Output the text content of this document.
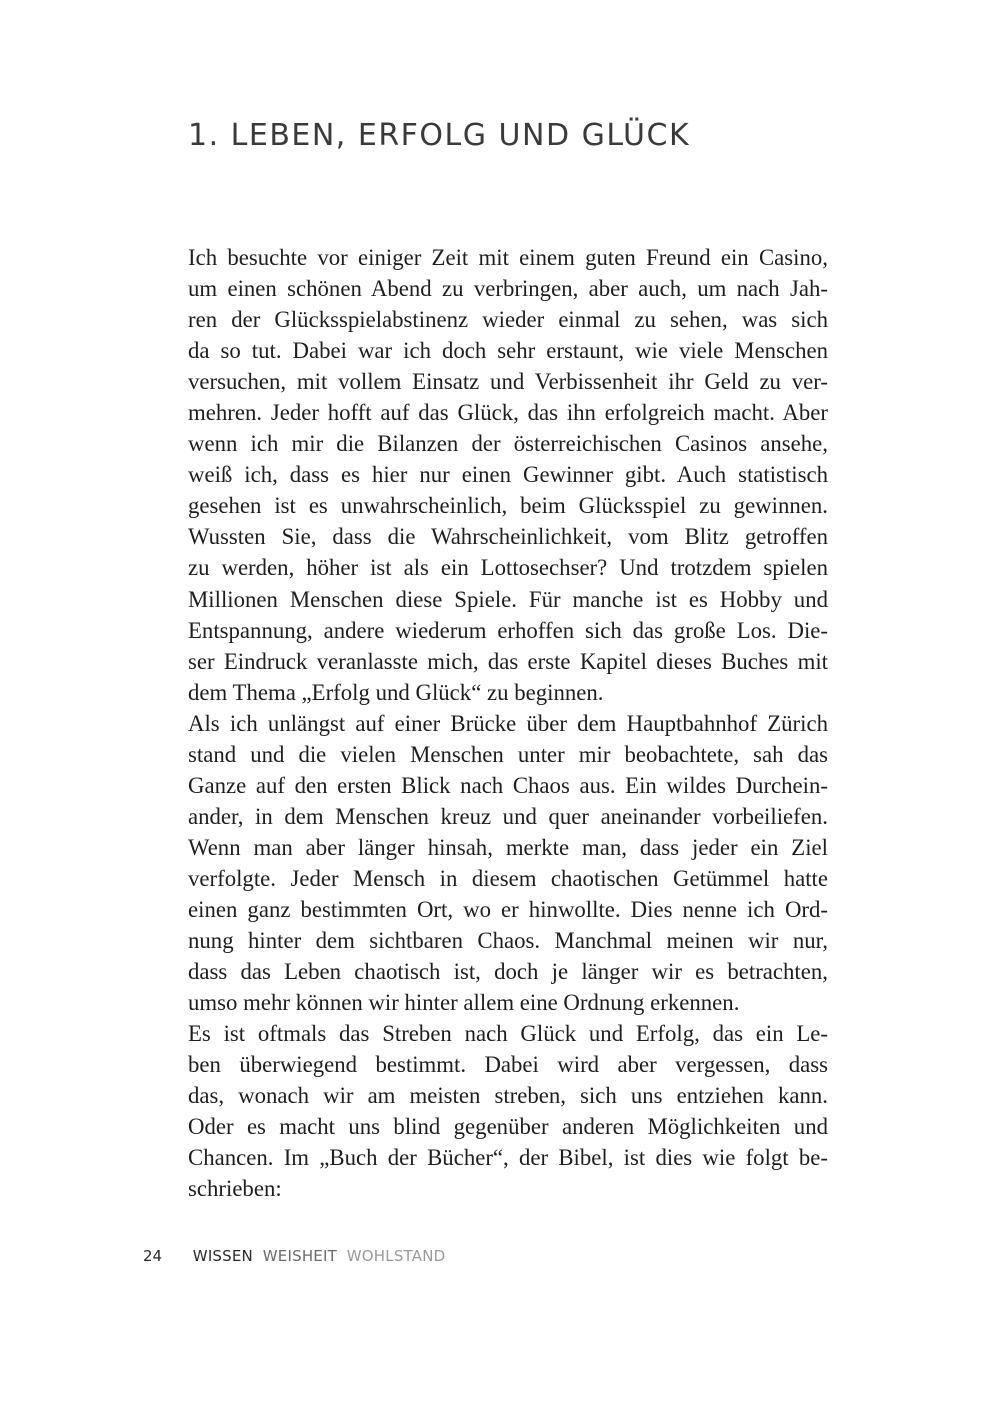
1. LEBEN, ERFOLG UND GLÜCK
Ich besuchte vor einiger Zeit mit einem guten Freund ein Casino,
um einen schönen Abend zu verbringen, aber auch, um nach Jah-
ren der Glücksspielabstinenz wieder einmal zu sehen, was sich
da so tut. Dabei war ich doch sehr erstaunt, wie viele Menschen
versuchen, mit vollem Einsatz und Verbissenheit ihr Geld zu ver-
mehren. Jeder hofft auf das Glück, das ihn erfolgreich macht. Aber
wenn ich mir die Bilanzen der österreichischen Casinos ansehe,
weiß ich, dass es hier nur einen Gewinner gibt. Auch statistisch
gesehen ist es unwahrscheinlich, beim Glücksspiel zu gewinnen.
Wussten Sie, dass die Wahrscheinlichkeit, vom Blitz getroffen
zu werden, höher ist als ein Lottosechser? Und trotzdem spielen
Millionen Menschen diese Spiele. Für manche ist es Hobby und
Entspannung, andere wiederum erhoffen sich das große Los. Die-
ser Eindruck veranlasste mich, das erste Kapitel dieses Buches mit
dem Thema „Erfolg und Glück“ zu beginnen.
Als ich unlängst auf einer Brücke über dem Hauptbahnhof Zürich
stand und die vielen Menschen unter mir beobachtete, sah das
Ganze auf den ersten Blick nach Chaos aus. Ein wildes Durchein-
ander, in dem Menschen kreuz und quer aneinander vorbeiliefen.
Wenn man aber länger hinsah, merkte man, dass jeder ein Ziel
verfolgte. Jeder Mensch in diesem chaotischen Getümmel hatte
einen ganz bestimmten Ort, wo er hinwollte. Dies nenne ich Ord-
nung hinter dem sichtbaren Chaos. Manchmal meinen wir nur,
dass das Leben chaotisch ist, doch je länger wir es betrachten,
umso mehr können wir hinter allem eine Ordnung erkennen.
Es ist oftmals das Streben nach Glück und Erfolg, das ein Le-
ben überwiegend bestimmt. Dabei wird aber vergessen, dass
das, wonach wir am meisten streben, sich uns entziehen kann.
Oder es macht uns blind gegenüber anderen Möglichkeiten und
Chancen. Im „Buch der Bücher“, der Bibel, ist dies wie folgt be-
schrieben:
24 WISSEN WEISHEIT WOHLSTAND
